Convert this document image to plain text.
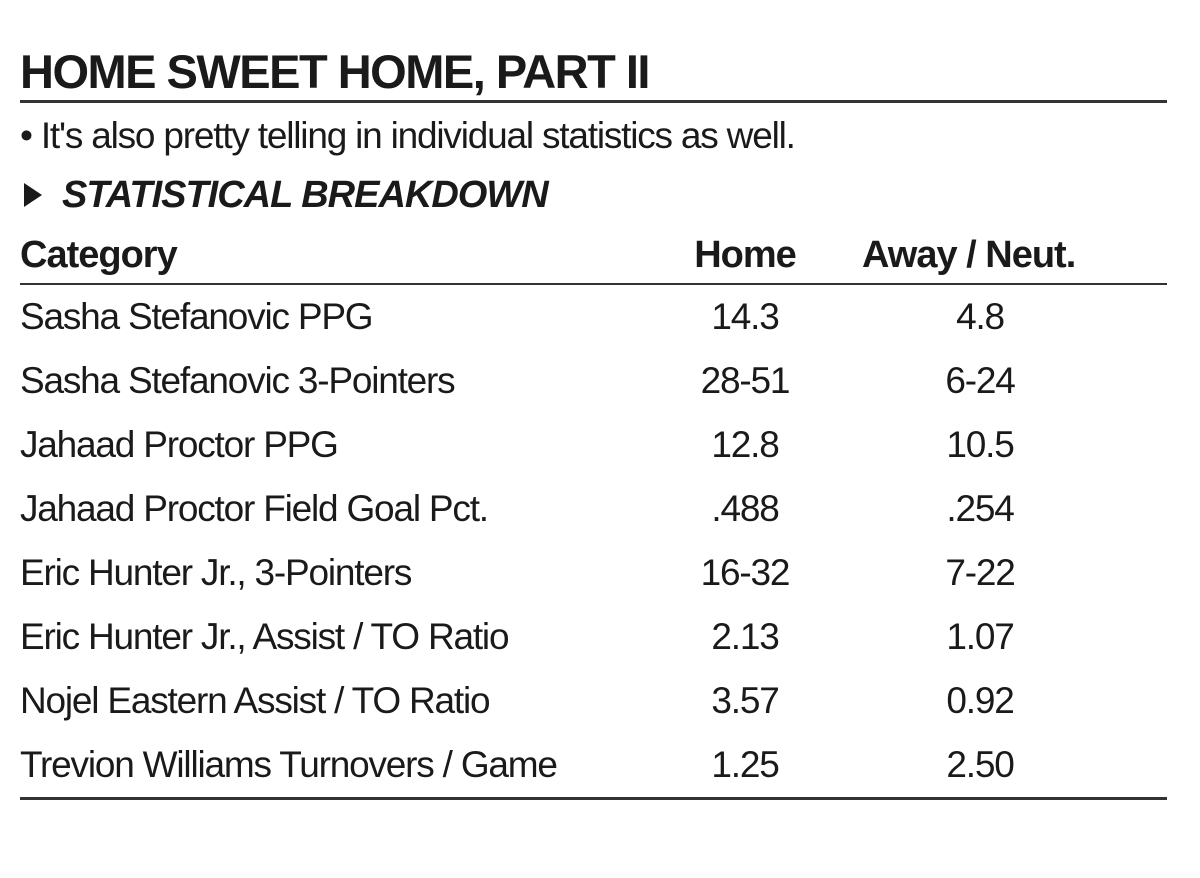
HOME SWEET HOME, PART II
• It's also pretty telling in individual statistics as well.
STATISTICAL BREAKDOWN
Category	Home	Away / Neut.
Sasha Stefanovic PPG	14.3	4.8
Sasha Stefanovic 3-Pointers	28-51	6-24
Jahaad Proctor PPG	12.8	10.5
Jahaad Proctor Field Goal Pct.	.488	.254
Eric Hunter Jr., 3-Pointers	16-32	7-22
Eric Hunter Jr., Assist / TO Ratio	2.13	1.07
Nojel Eastern Assist / TO Ratio	3.57	0.92
Trevion Williams Turnovers / Game	1.25	2.50
